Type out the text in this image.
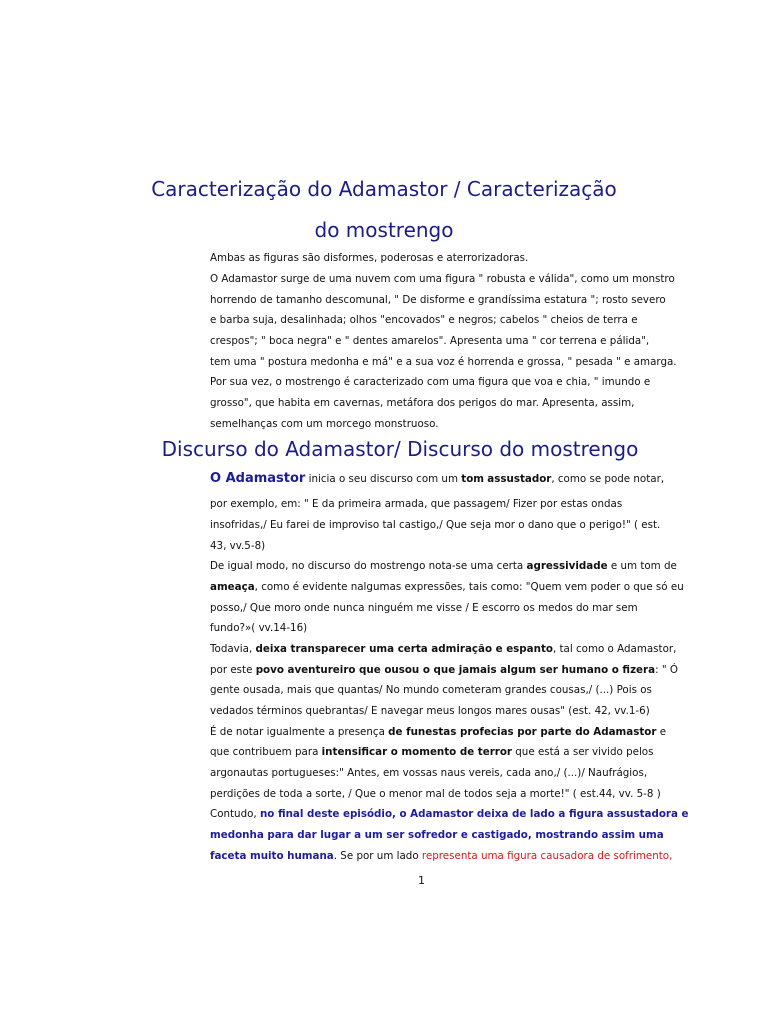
Caracterização do Adamastor / Caracterização
do mostrengo

Ambas as figuras são disformes, poderosas e aterrorizadoras.

O Adamastor surge de uma nuvem com uma figura " robusta e válida", como um monstro

horrendo de tamanho descomunal, " De disforme e grandíssima estatura "; rosto severo

e barba suja, desalinhada; olhos "encovados" e negros; cabelos " cheios de terra e

crespos"; " boca negra" e " dentes amarelos". Apresenta uma " cor terrena e pálida",

tem uma " postura medonha e má" e a sua voz é horrenda e grossa, " pesada " e amarga.

Por sua vez, o mostrengo é caracterizado com uma figura que voa e chia, " imundo e

grosso", que habita em cavernas, metáfora dos perigos do mar. Apresenta, assim,

semelhanças com um morcego monstruoso.

Discurso do Adamastor/ Discurso do mostrengo

O Adamastor inicia o seu discurso com um tom assustador, como se pode notar,

por exemplo, em: " E da primeira armada, que passagem/ Fizer por estas ondas

insofridas,/ Eu farei de improviso tal castigo,/ Que seja mor o dano que o perigo!" ( est.

43, vv.5-8)

De igual modo, no discurso do mostrengo nota-se uma certa agressividade e um tom de

ameaça, como é evidente nalgumas expressões, tais como: "Quem vem poder o que só eu

posso,/ Que moro onde nunca ninguém me visse / E escorro os medos do mar sem

fundo?»( vv.14-16)

Todavia, deixa transparecer uma certa admiração e espanto, tal como o Adamastor,

por este povo aventureiro que ousou o que jamais algum ser humano o fizera: " Ó

gente ousada, mais que quantas/ No mundo cometeram grandes cousas,/ (...) Pois os

vedados términos quebrantas/ E navegar meus longos mares ousas" (est. 42, vv.1-6)

É de notar igualmente a presença de funestas profecias por parte do Adamastor e

que contribuem para intensificar o momento de terror que está a ser vivido pelos

argonautas portugueses:" Antes, em vossas naus vereis, cada ano,/ (...)/ Naufrágios,

perdições de toda a sorte, / Que o menor mal de todos seja a morte!" ( est.44, vv. 5-8 )

Contudo, no final deste episódio, o Adamastor deixa de lado a figura assustadora e

medonha para dar lugar a um ser sofredor e castigado, mostrando assim uma

faceta muito humana. Se por um lado representa uma figura causadora de sofrimento,

1
